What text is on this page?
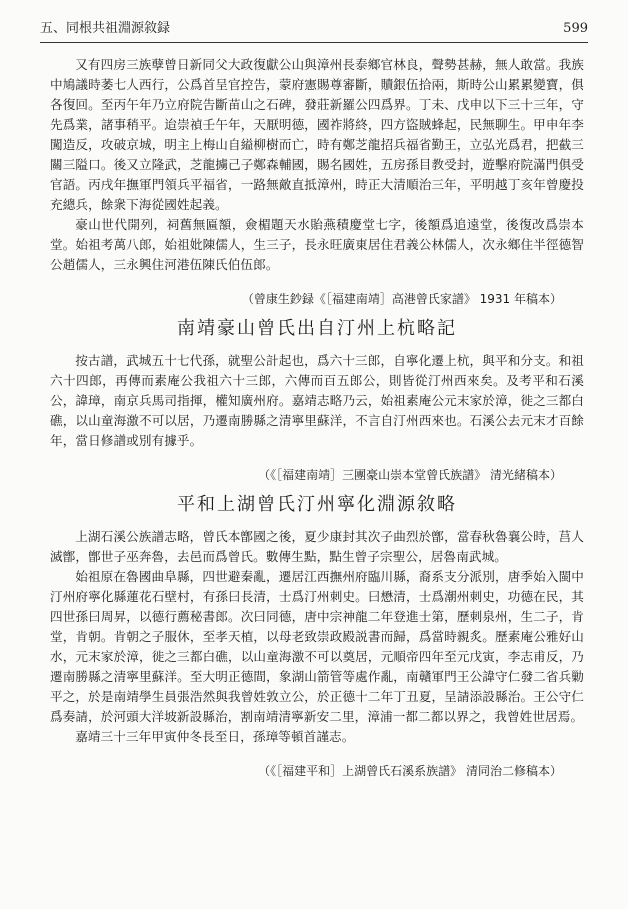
五、同根共祖淵源敘録	599

又有四房三族孽曾日新同父大政復獻公山與漳州長泰鄉官林良，聲勢甚赫，無人敢當。我族中鳩議時萎七人西行，公爲首呈官控告，蒙府憲賜尊審斷，贖銀伍拾兩，斯時公山累累變寶，俱各復回。至丙午年乃立府院告斷苗山之石碑，發莊新羅公四爲界。丁未、戊申以下三十三年，守先爲業，諸事稍平。迨崇禎壬午年，天厭明德，國祚將終，四方盜賊蜂起，民無聊生。甲申年李闖造反，攻破京城，明主上梅山自縊柳樹而亡，時有鄭芝龍招兵福省勤王，立弘光爲君，把截三關三隘口。後又立隆武，芝龍擄己子鄭森輔國，賜名國姓，五房孫目教受封，遊擊府院滿門俱受官語。丙戌年撫軍門領兵平福省，一路無敵直抵漳州，時正大清順治三年，平明越丁亥年曾慶投充總兵，餘衆下海從國姓起義。

豪山世代開列，祠舊無匾額，僉楣題天水貽燕積慶堂七字，後額爲追遠堂，後復改爲崇本堂。始祖考萬八郎，始祖妣陳儒人，生三子，長永旺廣東居住君義公林儒人，次永鄉住半徑德智公趙儒人，三永興住河港伍陳氏伯伍郎。

（曾康生鈔録《［福建南靖］高港曾氏家譜》 1931 年稿本）
南靖豪山曾氏出自汀州上杭略記

按古譜，武城五十七代孫，就聖公計起也，爲六十三郎，自寧化遷上杭，與平和分支。和祖六十四郎，再傳而素庵公我祖六十三郎，六傳而百五郎公，則皆從汀州西來矣。及考平和石溪公，諱璋，南京兵馬司指揮，權知廣州府。嘉靖志略乃云，始祖素庵公元末家於漳，徙之三都白礁，以山童海激不可以居，乃遷南勝縣之清寧里蘇洋，不言自汀州西來也。石溪公去元末才百餘年，當日修譜或別有據乎。

（《［福建南靖］三團豪山崇本堂曾氏族譜》 清光緒稿本）
平和上湖曾氏汀州寧化淵源敘略

上湖石溪公族譜志略，曾氏本鄫國之後，夏少康封其次子曲烈於鄫，當春秋魯襄公時，莒人滅鄫，鄫世子巫奔魯，去邑而爲曾氏。數傳生點，點生曾子宗聖公，居魯南武城。

始祖原在魯國曲阜縣，四世避秦亂，遷居江西撫州府臨川縣，裔系支分派別，唐季始入閩中汀州府寧化縣蓮花石壁村，有孫曰長清，士爲汀州刺史。曰懋清，士爲潮州刺史，功德在民，其四世孫曰周昇，以德行薦秘書郎。次曰同德，唐中宗神龍二年登進士第，歷刺泉州，生二子，肯堂，肯朝。肯朝之子服休，至孝天植，以母老致崇政殿説書而歸，爲當時親炙。歷素庵公雅好山水，元末家於漳，徙之三都白礁，以山童海激不可以奠居，元順帝四年至元戊寅，李志甫反，乃遷南勝縣之清寧里蘇洋。至大明正德間，象湖山箭管等處作亂，南贛軍門王公諱守仁發二省兵勦平之，於是南靖學生員張浩然與我曾姓敦立公，於正德十二年丁丑夏，呈請添設縣治。王公守仁爲奏請，於河頭大洋坡新設縣治，割南靖清寧新安二里，漳浦一都二都以界之，我曾姓世居焉。

嘉靖三十三年甲寅仲冬長至日，孫璋等頓首謹志。

（《［福建平和］上湖曾氏石溪系族譜》 清同治二修稿本）
